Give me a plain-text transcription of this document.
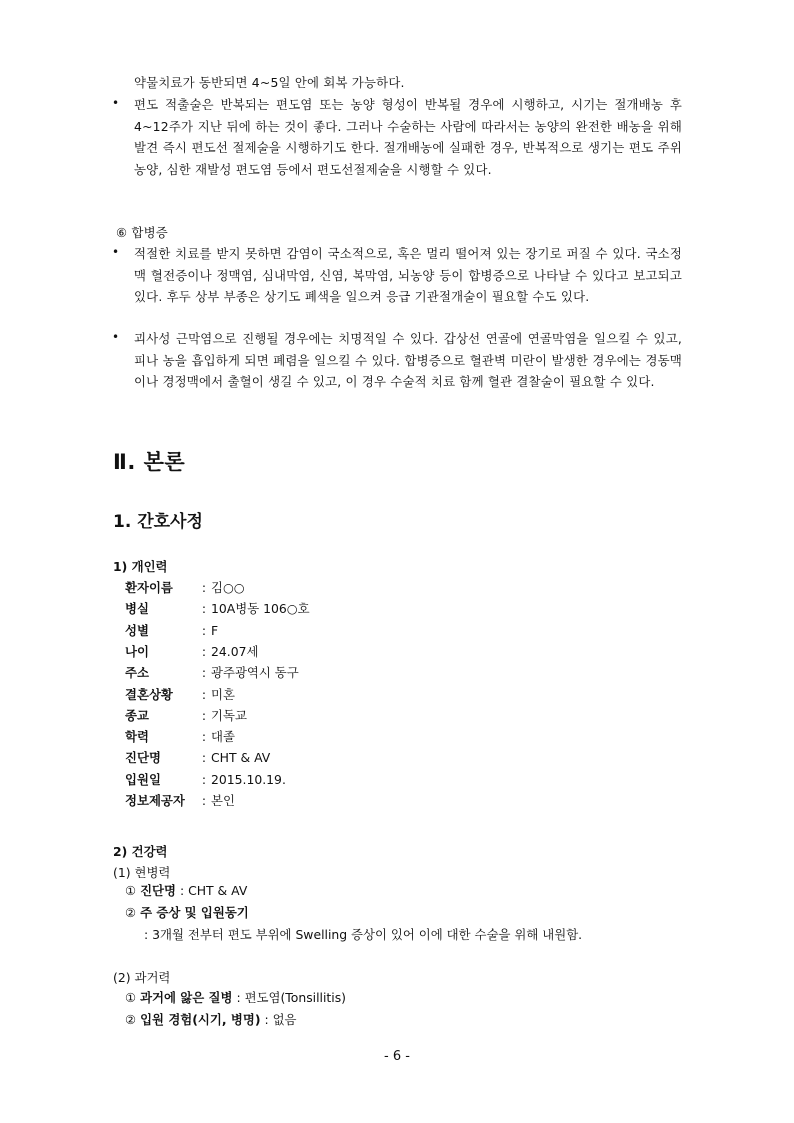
약물치료가 동반되면 4~5일 안에 회복 가능하다.
• 편도 적출술은 반복되는 편도염 또는 농양 형성이 반복될 경우에 시행하고, 시기는 절개배농 후 4~12주가 지난 뒤에 하는 것이 좋다. 그러나 수술하는 사람에 따라서는 농양의 완전한 배농을 위해 발견 즉시 편도선 절제술을 시행하기도 한다. 절개배농에 실패한 경우, 반복적으로 생기는 편도 주위 농양, 심한 재발성 편도염 등에서 편도선절제술을 시행할 수 있다.
⑥ 합병증
• 적절한 치료를 받지 못하면 감염이 국소적으로, 혹은 멀리 떨어져 있는 장기로 퍼질 수 있다. 국소정맥 혈전증이나 정맥염, 심내막염, 신염, 복막염, 뇌농양 등이 합병증으로 나타날 수 있다고 보고되고 있다. 후두 상부 부종은 상기도 폐색을 일으켜 응급 기관절개술이 필요할 수도 있다.
• 괴사성 근막염으로 진행될 경우에는 치명적일 수 있다. 갑상선 연골에 연골막염을 일으킬 수 있고, 피나 농을 흡입하게 되면 폐렴을 일으킬 수 있다. 합병증으로 혈관벽 미란이 발생한 경우에는 경동맥이나 경정맥에서 출혈이 생길 수 있고, 이 경우 수술적 치료 함께 혈관 결찰술이 필요할 수 있다.
Ⅱ. 본론
1. 간호사정
1) 개인력
환자이름 : 김○○
병실	: 10A병동 106○호
성별	: F
나이	: 24.07세
주소	: 광주광역시 동구
결혼상황 : 미혼
종교	: 기독교
학력	: 대졸
진단명	: CHT & AV
입원일	: 2015.10.19.
정보제공자 : 본인
2) 건강력
(1) 현병력
① 진단명 : CHT & AV
② 주 증상 및 입원동기
: 3개월 전부터 편도 부위에 Swelling 증상이 있어 이에 대한 수술을 위해 내원함.
(2) 과거력
① 과거에 앓은 질병 : 편도염(Tonsillitis)
② 입원 경험(시기, 병명) : 없음
- 6 -
